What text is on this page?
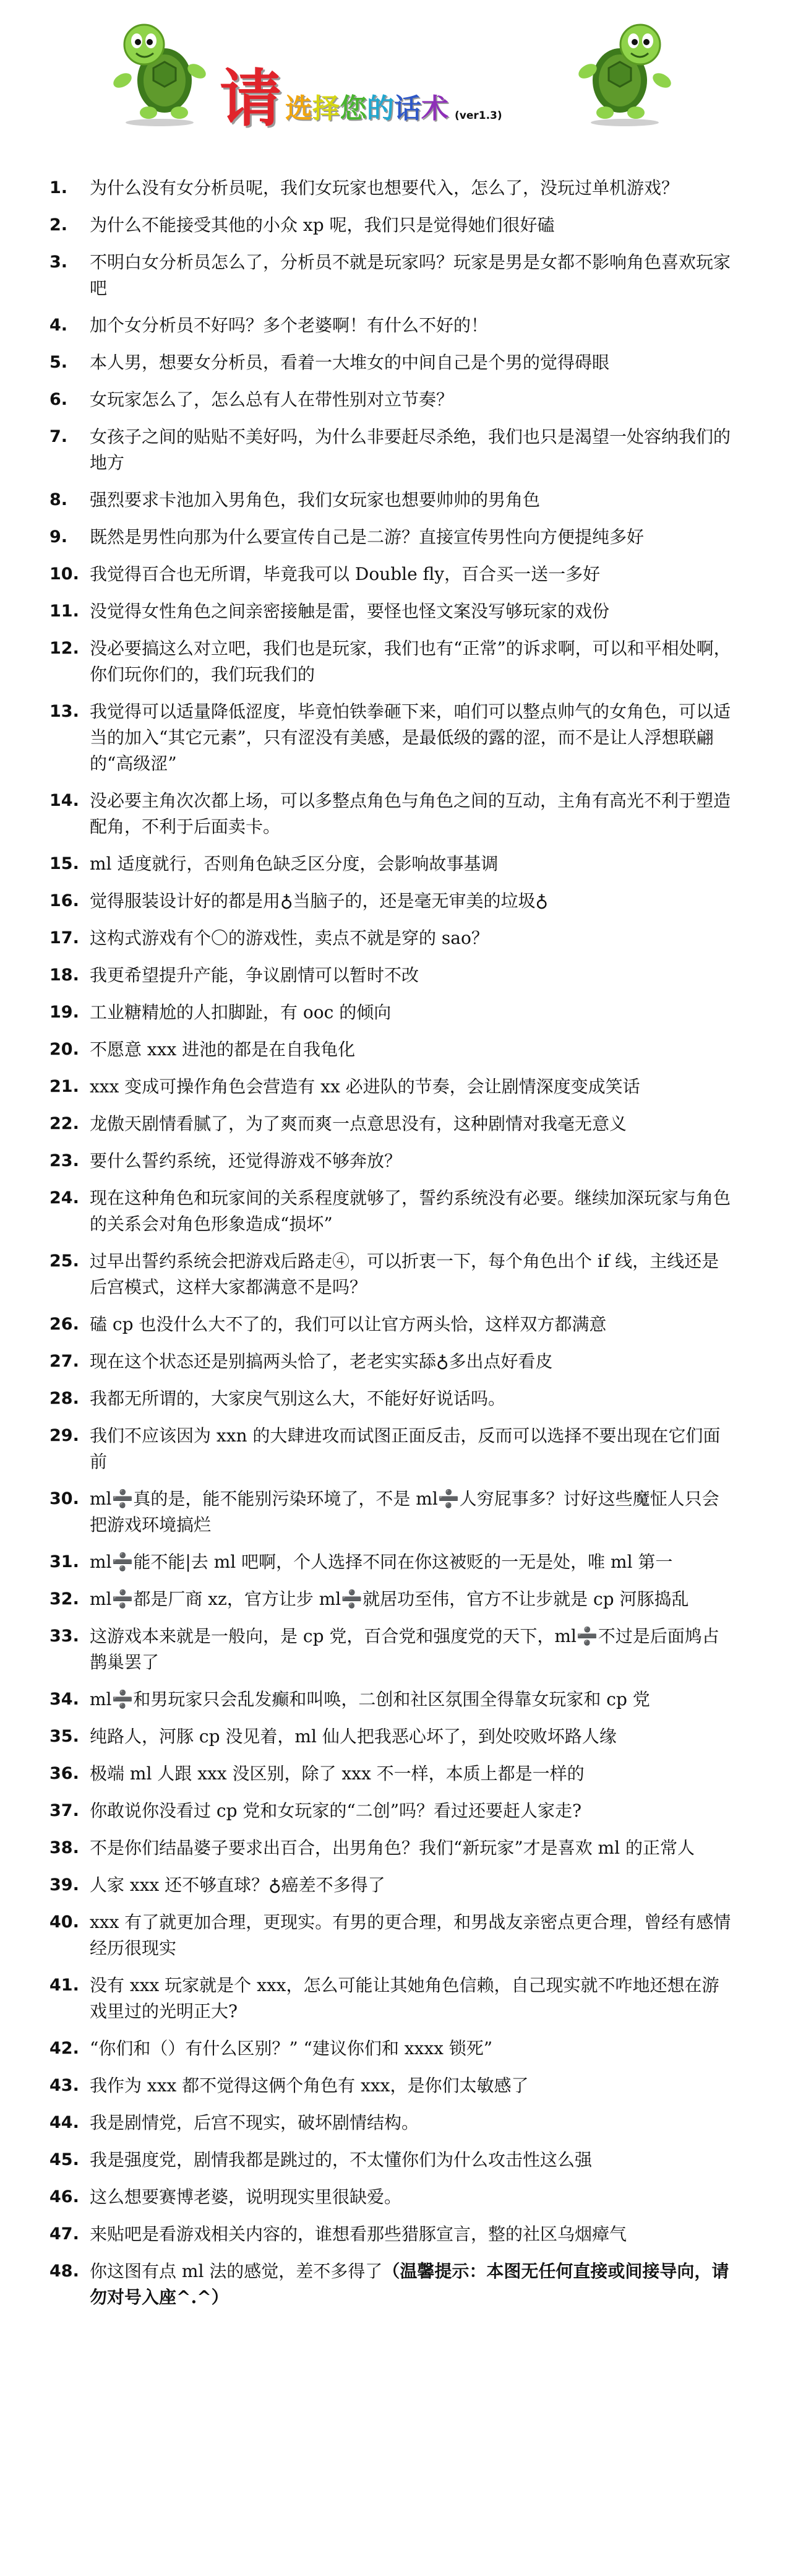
请 选择您的话术 (ver1.3)
1.	为什么没有女分析员呢，我们女玩家也想要代入，怎么了，没玩过单机游戏？
2.	为什么不能接受其他的小众 xp 呢，我们只是觉得她们很好磕
3.	不明白女分析员怎么了，分析员不就是玩家吗？玩家是男是女都不影响角色喜欢玩家吧
4.	加个女分析员不好吗？多个老婆啊！有什么不好的！
5.	本人男，想要女分析员，看着一大堆女的中间自己是个男的觉得碍眼
6.	女玩家怎么了，怎么总有人在带性别对立节奏？
7.	女孩子之间的贴贴不美好吗，为什么非要赶尽杀绝，我们也只是渴望一处容纳我们的地方
8.	强烈要求卡池加入男角色，我们女玩家也想要帅帅的男角色
9.	既然是男性向那为什么要宣传自己是二游？直接宣传男性向方便提纯多好
10. 我觉得百合也无所谓，毕竟我可以 Double fly，百合买一送一多好
11. 没觉得女性角色之间亲密接触是雷，要怪也怪文案没写够玩家的戏份
12. 没必要搞这么对立吧，我们也是玩家，我们也有“正常”的诉求啊，可以和平相处啊，你们玩你们的，我们玩我们的
13. 我觉得可以适量降低涩度，毕竟怕铁拳砸下来，咱们可以整点帅气的女角色，可以适当的加入“其它元素”，只有涩没有美感，是最低级的露的涩，而不是让人浮想联翩的“高级涩”
14. 没必要主角次次都上场，可以多整点角色与角色之间的互动，主角有高光不利于塑造配角，不利于后面卖卡。
15. ml 适度就行，否则角色缺乏区分度，会影响故事基调
16. 觉得服装设计好的都是用♁当脑子的，还是毫无审美的垃圾♁
17. 这构式游戏有个〇的游戏性，卖点不就是穿的 sao？
18. 我更希望提升产能，争议剧情可以暂时不改
19. 工业糖精尬的人扣脚趾，有 ooc 的倾向
20. 不愿意 xxx 进池的都是在自我龟化
21. xxx 变成可操作角色会营造有 xx 必进队的节奏，会让剧情深度变成笑话
22. 龙傲天剧情看腻了，为了爽而爽一点意思没有，这种剧情对我毫无意义
23. 要什么誓约系统，还觉得游戏不够奔放？
24. 现在这种角色和玩家间的关系程度就够了，誓约系统没有必要。继续加深玩家与角色的关系会对角色形象造成“损坏”
25. 过早出誓约系统会把游戏后路走④，可以折衷一下，每个角色出个 if 线，主线还是后宫模式，这样大家都满意不是吗？
26. 磕 cp 也没什么大不了的，我们可以让官方两头恰，这样双方都满意
27. 现在这个状态还是别搞两头恰了，老老实实舔♁多出点好看皮
28. 我都无所谓的，大家戾气别这么大，不能好好说话吗。
29. 我们不应该因为 xxn 的大肆进攻而试图正面反击，反而可以选择不要出现在它们面前
30. ml➗真的是，能不能别污染环境了，不是 ml➗人穷屁事多？讨好这些魔怔人只会把游戏环境搞烂
31. ml➗能不能|去 ml 吧啊，个人选择不同在你这被贬的一无是处，唯 ml 第一
32. ml➗都是厂商 xz，官方让步 ml➗就居功至伟，官方不让步就是 cp 河豚捣乱
33. 这游戏本来就是一般向，是 cp 党，百合党和强度党的天下，ml➗不过是后面鸠占鹊巢罢了
34. ml➗和男玩家只会乱发癫和叫唤，二创和社区氛围全得靠女玩家和 cp 党
35. 纯路人，河豚 cp 没见着，ml 仙人把我恶心坏了，到处咬败坏路人缘
36. 极端 ml 人跟 xxx 没区别，除了 xxx 不一样，本质上都是一样的
37. 你敢说你没看过 cp 党和女玩家的“二创”吗？看过还要赶人家走?
38. 不是你们结晶婆子要求出百合，出男角色？我们“新玩家”才是喜欢 ml 的正常人
39. 人家 xxx 还不够直球？♁癌差不多得了
40. xxx 有了就更加合理，更现实。有男的更合理，和男战友亲密点更合理，曾经有感情经历很现实
41. 没有 xxx 玩家就是个 xxx，怎么可能让其她角色信赖，自己现实就不咋地还想在游戏里过的光明正大?
42. “你们和（）有什么区别？” “建议你们和 xxxx 锁死”
43. 我作为 xxx 都不觉得这俩个角色有 xxx，是你们太敏感了
44. 我是剧情党，后宫不现实，破坏剧情结构。
45. 我是强度党，剧情我都是跳过的，不太懂你们为什么攻击性这么强
46. 这么想要赛博老婆，说明现实里很缺爱。
47. 来贴吧是看游戏相关内容的，谁想看那些猎豚宣言，整的社区乌烟瘴气
48. 你这图有点 ml 法的感觉，差不多得了（温馨提示：本图无任何直接或间接导向，请勿对号入座^.^）
